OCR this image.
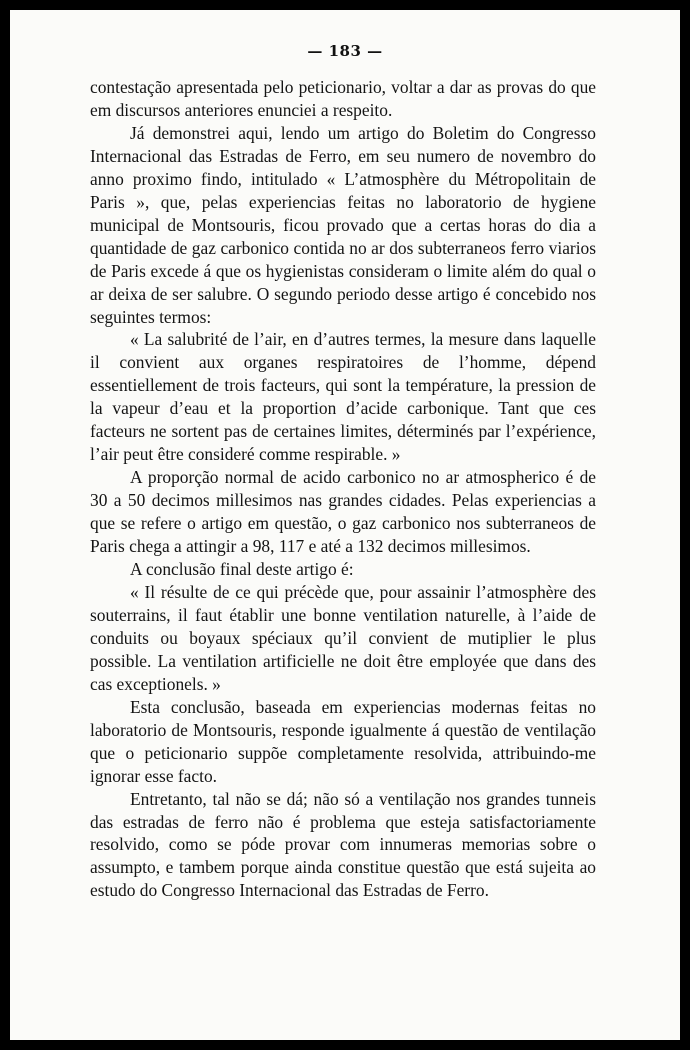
— 183 —

contestação apresentada pelo peticionario, voltar a dar as provas do que em discursos anteriores enunciei a respeito.

Já demonstrei aqui, lendo um artigo do Boletim do Congresso Internacional das Estradas de Ferro, em seu numero de novembro do anno proximo findo, intitulado « L’atmosphère du Métropolitain de Paris », que, pelas experiencias feitas no laboratorio de hygiene municipal de Montsouris, ficou provado que a certas horas do dia a quantidade de gaz carbonico contida no ar dos subterraneos ferro viarios de Paris excede á que os hygienistas consideram o limite além do qual o ar deixa de ser salubre. O segundo periodo desse artigo é concebido nos seguintes termos:

« La salubrité de l’air, en d’autres termes, la mesure dans laquelle il convient aux organes respiratoires de l’homme, dépend essentiellement de trois facteurs, qui sont la température, la pression de la vapeur d’eau et la proportion d’acide carbonique. Tant que ces facteurs ne sortent pas de certaines limites, déterminés par l’expérience, l’air peut être consideré comme respirable. »

A proporção normal de acido carbonico no ar atmospherico é de 30 a 50 decimos millesimos nas grandes cidades. Pelas experiencias a que se refere o artigo em questão, o gaz carbonico nos subterraneos de Paris chega a attingir a 98, 117 e até a 132 decimos millesimos.

A conclusão final deste artigo é:

« Il résulte de ce qui précède que, pour assainir l’atmosphère des souterrains, il faut établir une bonne ventilation naturelle, à l’aide de conduits ou boyaux spéciaux qu’il convient de mutiplier le plus possible. La ventilation artificielle ne doit être employée que dans des cas exceptionels. »

Esta conclusão, baseada em experiencias modernas feitas no laboratorio de Montsouris, responde igualmente á questão de ventilação que o peticionario suppõe completamente resolvida, attribuindo-me ignorar esse facto.

Entretanto, tal não se dá; não só a ventilação nos grandes tunneis das estradas de ferro não é problema que esteja satisfactoriamente resolvido, como se póde provar com innumeras memorias sobre o assumpto, e tambem porque ainda constitue questão que está sujeita ao estudo do Congresso Internacional das Estradas de Ferro.
